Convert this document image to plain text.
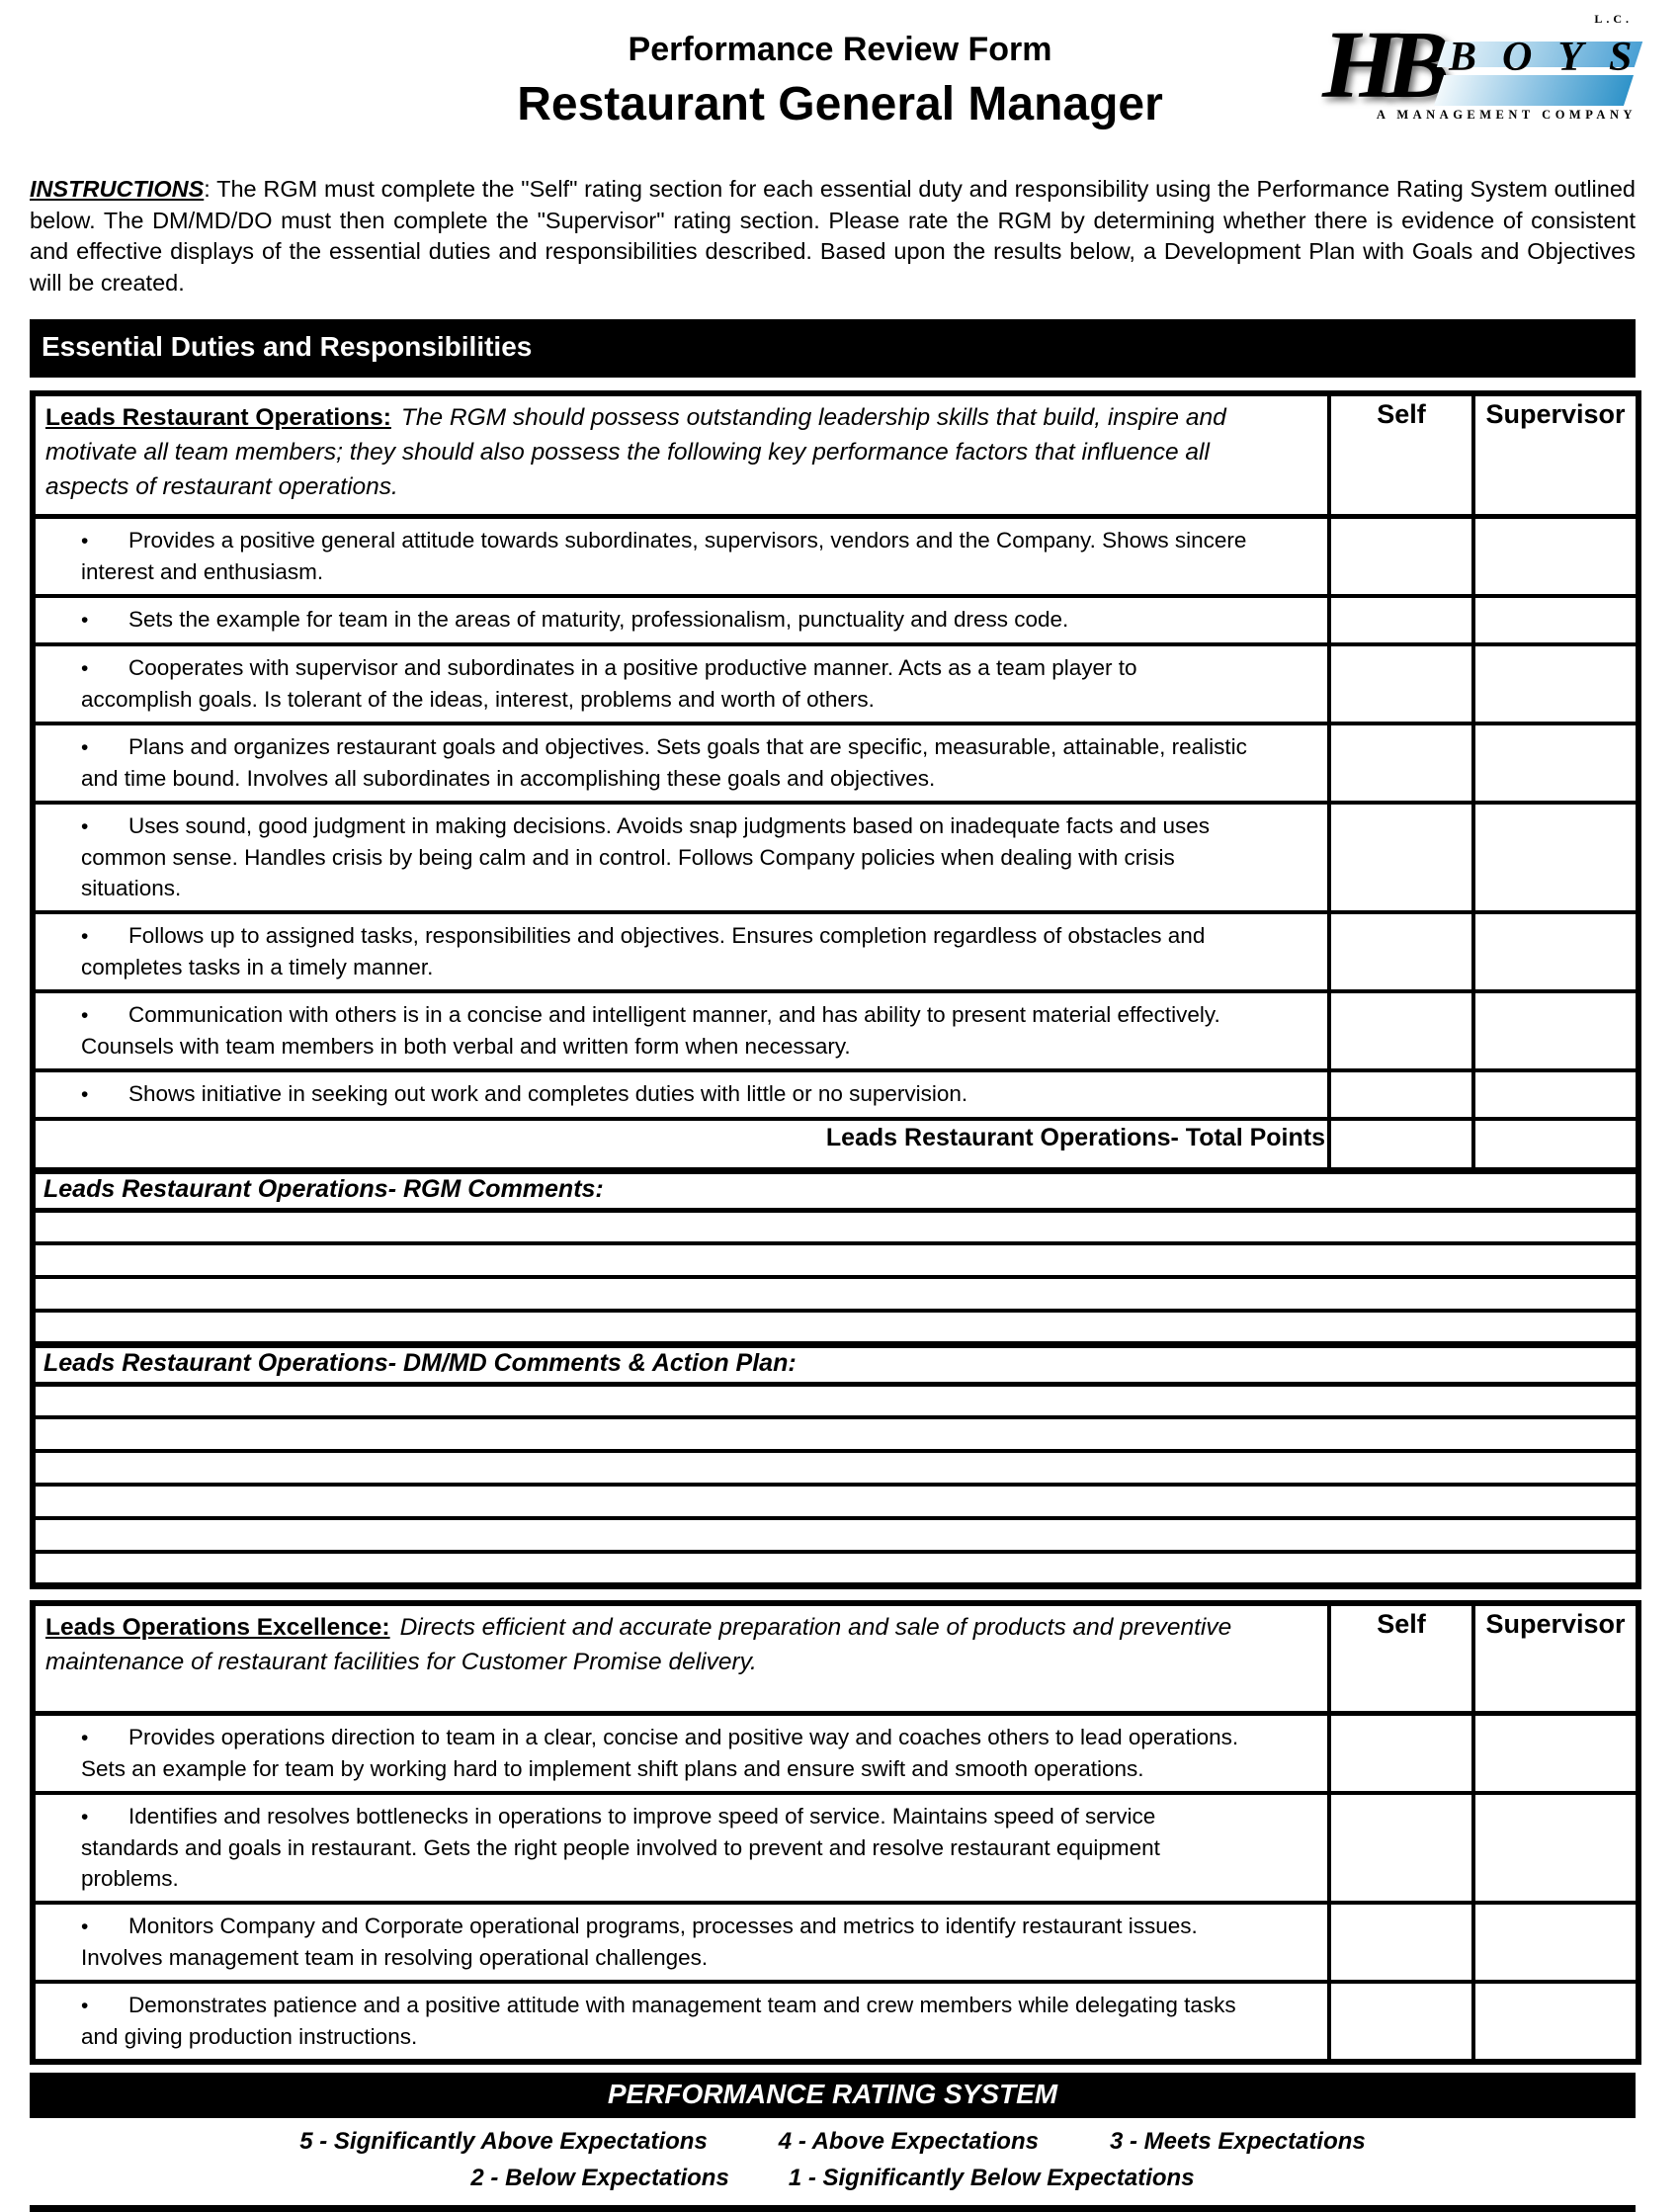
HB BOYS
L.C.
A MANAGEMENT COMPANY
Performance Review Form
Restaurant General Manager
INSTRUCTIONS: The RGM must complete the "Self" rating section for each essential duty and responsibility using the Performance Rating System outlined below. The DM/MD/DO must then complete the "Supervisor" rating section. Please rate the RGM by determining whether there is evidence of consistent and effective displays of the essential duties and responsibilities described. Based upon the results below, a Development Plan with Goals and Objectives will be created.
Essential Duties and Responsibilities
Leads Restaurant Operations: The RGM should possess outstanding leadership skills that build, inspire and motivate all team members; they should also possess the following key performance factors that influence all aspects of restaurant operations.	Self	Supervisor
• Provides a positive general attitude towards subordinates, supervisors, vendors and the Company. Shows sincere interest and enthusiasm.		
• Sets the example for team in the areas of maturity, professionalism, punctuality and dress code.		
• Cooperates with supervisor and subordinates in a positive productive manner. Acts as a team player to accomplish goals. Is tolerant of the ideas, interest, problems and worth of others.		
• Plans and organizes restaurant goals and objectives. Sets goals that are specific, measurable, attainable, realistic and time bound. Involves all subordinates in accomplishing these goals and objectives.		
• Uses sound, good judgment in making decisions. Avoids snap judgments based on inadequate facts and uses common sense. Handles crisis by being calm and in control. Follows Company policies when dealing with crisis situations.		
• Follows up to assigned tasks, responsibilities and objectives. Ensures completion regardless of obstacles and completes tasks in a timely manner.		
• Communication with others is in a concise and intelligent manner, and has ability to present material effectively. Counsels with team members in both verbal and written form when necessary.		
• Shows initiative in seeking out work and completes duties with little or no supervision.		
Leads Restaurant Operations- Total Points		
Leads Restaurant Operations- RGM Comments:		

Leads Restaurant Operations- DM/MD Comments & Action Plan:		

Leads Operations Excellence: Directs efficient and accurate preparation and sale of products and preventive maintenance of restaurant facilities for Customer Promise delivery.	Self	Supervisor
• Provides operations direction to team in a clear, concise and positive way and coaches others to lead operations. Sets an example for team by working hard to implement shift plans and ensure swift and smooth operations.		
• Identifies and resolves bottlenecks in operations to improve speed of service. Maintains speed of service standards and goals in restaurant. Gets the right people involved to prevent and resolve restaurant equipment problems.		
• Monitors Company and Corporate operational programs, processes and metrics to identify restaurant issues. Involves management team in resolving operational challenges.		
• Demonstrates patience and a positive attitude with management team and crew members while delegating tasks and giving production instructions.		
PERFORMANCE RATING SYSTEM
5 - Significantly Above Expectations	4 - Above Expectations	3 - Meets Expectations
2 - Below Expectations	1 - Significantly Below Expectations
